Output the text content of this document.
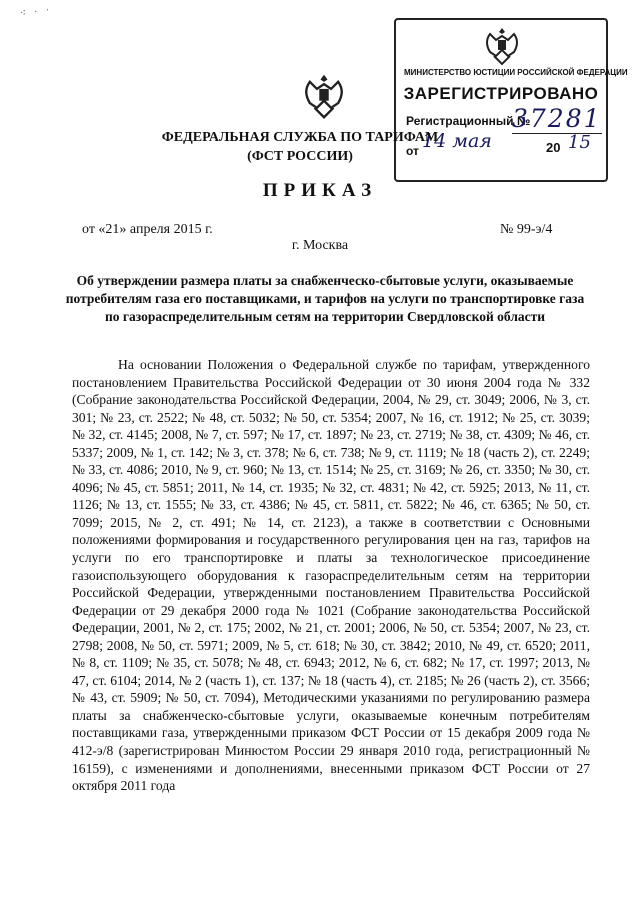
⁖ ˑ ˈ
МИНИСТЕРСТВО ЮСТИЦИИ РОССИЙСКОЙ ФЕДЕРАЦИИ
ЗАРЕГИСТРИРОВАНО
Регистрационный №
37281
от 14 мая	20 15
ФЕДЕРАЛЬНАЯ СЛУЖБА ПО ТАРИФАМ
(ФСТ РОССИИ)
ПРИКАЗ
от «21» апреля 2015 г.	№ 99-э/4
г. Москва
Об утверждении размера платы за снабженческо-сбытовые услуги, оказываемые потребителям газа его поставщиками, и тарифов на услуги по транспортировке газа по газораспределительным сетям на территории Свердловской области

На основании Положения о Федеральной службе по тарифам, утвержденного постановлением Правительства Российской Федерации от 30 июня 2004 года № 332 (Собрание законодательства Российской Федерации, 2004, № 29, ст. 3049; 2006, № 3, ст. 301; № 23, ст. 2522; № 48, ст. 5032; № 50, ст. 5354; 2007, № 16, ст. 1912; № 25, ст. 3039; № 32, ст. 4145; 2008, № 7, ст. 597; № 17, ст. 1897; № 23, ст. 2719; № 38, ст. 4309; № 46, ст. 5337; 2009, № 1, ст. 142; № 3, ст. 378; № 6, ст. 738; № 9, ст. 1119; № 18 (часть 2), ст. 2249; № 33, ст. 4086; 2010, № 9, ст. 960; № 13, ст. 1514; № 25, ст. 3169; № 26, ст. 3350; № 30, ст. 4096; № 45, ст. 5851; 2011, № 14, ст. 1935; № 32, ст. 4831; № 42, ст. 5925; 2013, № 11, ст. 1126; № 13, ст. 1555; № 33, ст. 4386; № 45, ст. 5811, ст. 5822; № 46, ст. 6365; № 50, ст. 7099; 2015, № 2, ст. 491; № 14, ст. 2123), а также в соответствии с Основными положениями формирования и государственного регулирования цен на газ, тарифов на услуги по его транспортировке и платы за технологическое присоединение газоиспользующего оборудования к газораспределительным сетям на территории Российской Федерации, утвержденными постановлением Правительства Российской Федерации от 29 декабря 2000 года № 1021 (Собрание законодательства Российской Федерации, 2001, № 2, ст. 175; 2002, № 21, ст. 2001; 2006, № 50, ст. 5354; 2007, № 23, ст. 2798; 2008, № 50, ст. 5971; 2009, № 5, ст. 618; № 30, ст. 3842; 2010, № 49, ст. 6520; 2011, № 8, ст. 1109; № 35, ст. 5078; № 48, ст. 6943; 2012, № 6, ст. 682; № 17, ст. 1997; 2013, № 47, ст. 6104; 2014, № 2 (часть 1), ст. 137; № 18 (часть 4), ст. 2185; № 26 (часть 2), ст. 3566; № 43, ст. 5909; № 50, ст. 7094), Методическими указаниями по регулированию размера платы за снабженческо-сбытовые услуги, оказываемые конечным потребителям поставщиками газа, утвержденными приказом ФСТ России от 15 декабря 2009 года № 412-э/8 (зарегистрирован Минюстом России 29 января 2010 года, регистрационный № 16159), с изменениями и дополнениями, внесенными приказом ФСТ России от 27 октября 2011 года
